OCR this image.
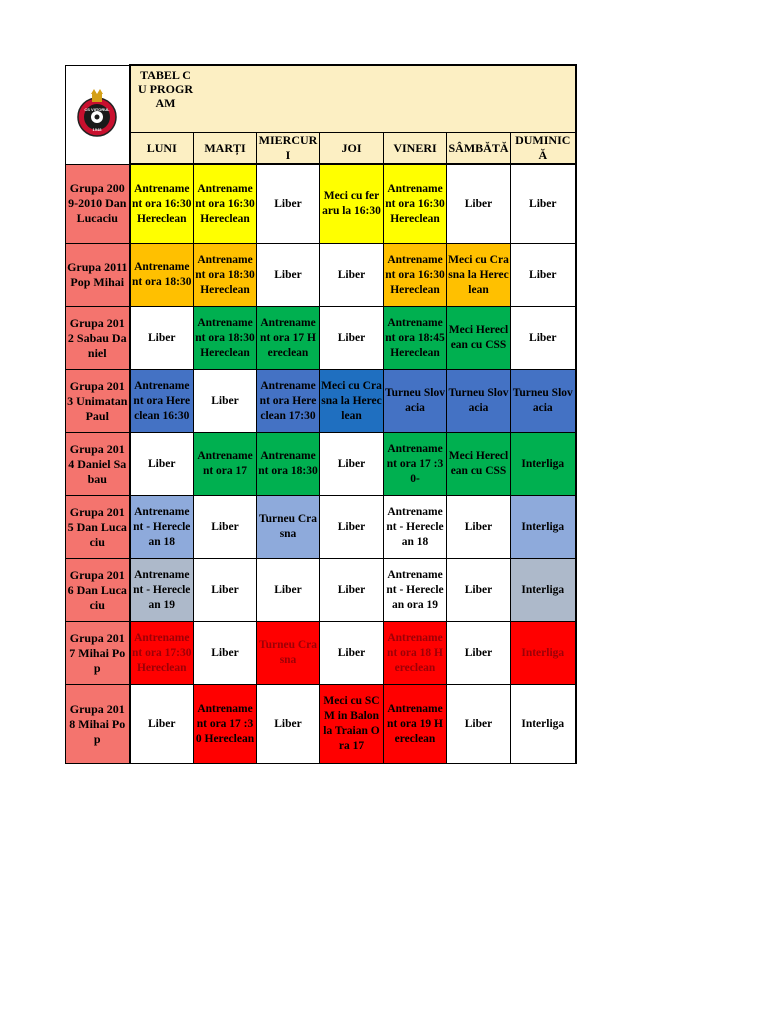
CS VIITORUL
1948	TABEL CU PROGRAM						

	LUNI	MARȚI	MIERCURI	JOI	VINERI	SÂMBĂTĂ	DUMINICĂ
Grupa 2009-2010 Dan Lucaciu	Antrenament ora 16:30 Hereclean	Antrenament ora 16:30 Hereclean	Liber	Meci cu feraru la 16:30	Antrenament ora 16:30 Hereclean	Liber	Liber
Grupa 2011 Pop Mihai	Antrenament ora 18:30	Antrenament ora 18:30 Hereclean	Liber	Liber	Antrenament ora 16:30 Hereclean	Meci cu Crasna la Hereclean	Liber
Grupa 2012 Sabau Daniel	Liber	Antrenament ora 18:30 Hereclean	Antrenament ora 17 Hereclean	Liber	Antrenament ora 18:45 Hereclean	Meci Hereclean cu CSS	Liber
Grupa 2013 Unimatan Paul	Antrenament ora Hereclean 16:30	Liber	Antrenament ora Hereclean 17:30	Meci cu Crasna la Hereclean	Turneu Slovacia	Turneu Slovacia	Turneu Slovacia
Grupa 2014 Daniel Sabau	Liber	Antrenament ora 17	Antrenament ora 18:30	Liber	Antrenament ora 17 :30-	Meci Hereclean cu CSS	Interliga
Grupa 2015 Dan Lucaciu	Antrenament - Hereclean 18	Liber	Turneu Crasna	Liber	Antrenament - Hereclean 18	Liber	Interliga
Grupa 2016 Dan Lucaciu	Antrenament - Hereclean 19	Liber	Liber	Liber	Antrenament - Hereclean ora 19	Liber	Interliga
Grupa 2017 Mihai Pop	Antrenament ora 17:30 Hereclean	Liber	Turneu Crasna	Liber	Antrenament ora 18 Hereclean	Liber	Interliga
Grupa 2018 Mihai Pop	Liber	Antrenament ora 17 :30 Hereclean	Liber	Meci cu SCM in Balon la Traian Ora 17	Antrenament ora 19 Hereclean	Liber	Interliga
